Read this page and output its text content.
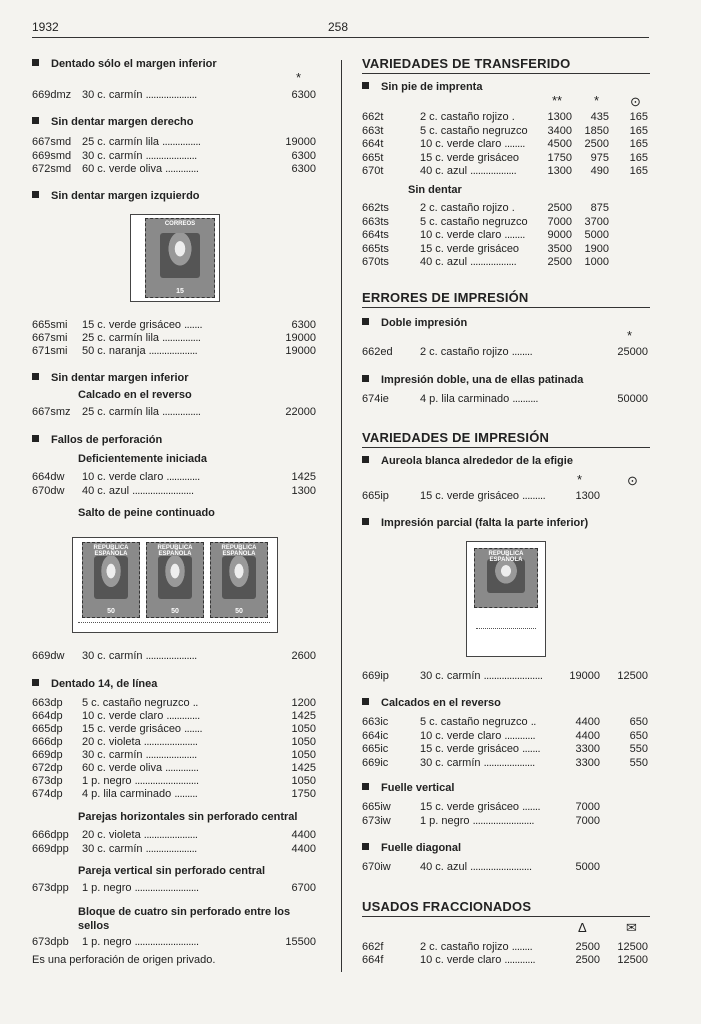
1932	258
Dentado sólo el margen inferior
*
669dmz 30 c. carmín ....................	6300
Sin dentar margen derecho
667smd 25 c. carmín lila ...............	19000
669smd 30 c. carmín ....................	6300
672smd 60 c. verde oliva .............	6300
Sin dentar margen izquierdo
CORREOS
15
665smi 15 c. verde grisáceo .......	6300
667smi 25 c. carmín lila ...............	19000
671smi 50 c. naranja ...................	19000
Sin dentar margen inferior
Calcado en el reverso
667smz 25 c. carmín lila ...............	22000
Fallos de perforación
Deficientemente iniciada
664dw 10 c. verde claro .............	1425
670dw 40 c. azul ........................	1300
Salto de peine continuado
REPUBLICA ESPAÑOLA
50
REPUBLICA ESPAÑOLA
50
REPUBLICA ESPAÑOLA
50
669dw 30 c. carmín ....................	2600
Dentado 14, de línea
663dp 5 c. castaño negruzco ..	1200
664dp 10 c. verde claro .............	1425
665dp 15 c. verde grisáceo .......	1050
666dp 20 c. violeta .....................	1050
669dp 30 c. carmín ....................	1050
672dp 60 c. verde oliva .............	1425
673dp 1 p. negro .........................	1050
674dp 4 p. lila carminado .........	1750
Parejas horizontales sin perforado central
666dpp 20 c. violeta .....................	4400
669dpp 30 c. carmín ....................	4400
Pareja vertical sin perforado central
673dpp 1 p. negro .........................	6700
Bloque de cuatro sin perforado entre los
sellos
673dpb 1 p. negro .........................	15500
Es una perforación de origen privado.
VARIEDADES DE TRANSFERIDO
Sin pie de imprenta
** * ⊙
662t	2 c. castaño rojizo .	1300 435 165
663t	5 c. castaño negruzco 3400 1850 165
664t	10 c. verde claro ........ 4500 2500 165
665t	15 c. verde grisáceo	1750 975 165
670t	40 c. azul ..................	1300 490 165
Sin dentar
662ts	2 c. castaño rojizo .	2500 875
663ts	5 c. castaño negruzco 7000 3700
664ts	10 c. verde claro ........ 9000 5000
665ts	15 c. verde grisáceo	3500 1900
670ts	40 c. azul ..................	2500 1000
ERRORES DE IMPRESIÓN
Doble impresión
*
662ed 2 c. castaño rojizo ........	25000
Impresión doble, una de ellas patinada
674ie	4 p. lila carminado ..........	50000
VARIEDADES DE IMPRESIÓN
Aureola blanca alrededor de la efigie
*	⊙
665ip	15 c. verde grisáceo .........	1300
Impresión parcial (falta la parte inferior)
REPUBLICA ESPAÑOLA
669ip	30 c. carmín ....................... 19000 12500
Calcados en el reverso
663ic	5 c. castaño negruzco ..	4400	650
664ic	10 c. verde claro ............	4400	650
665ic	15 c. verde grisáceo .......	3300	550
669ic	30 c. carmín ....................	3300	550
Fuelle vertical
665iw	15 c. verde grisáceo .......	7000
673iw	1 p. negro ........................	7000
Fuelle diagonal
670iw	40 c. azul ........................	5000
USADOS FRACCIONADOS
Δ	✉
662f	2 c. castaño rojizo ........	2500 12500
664f	10 c. verde claro ............	2500 12500
